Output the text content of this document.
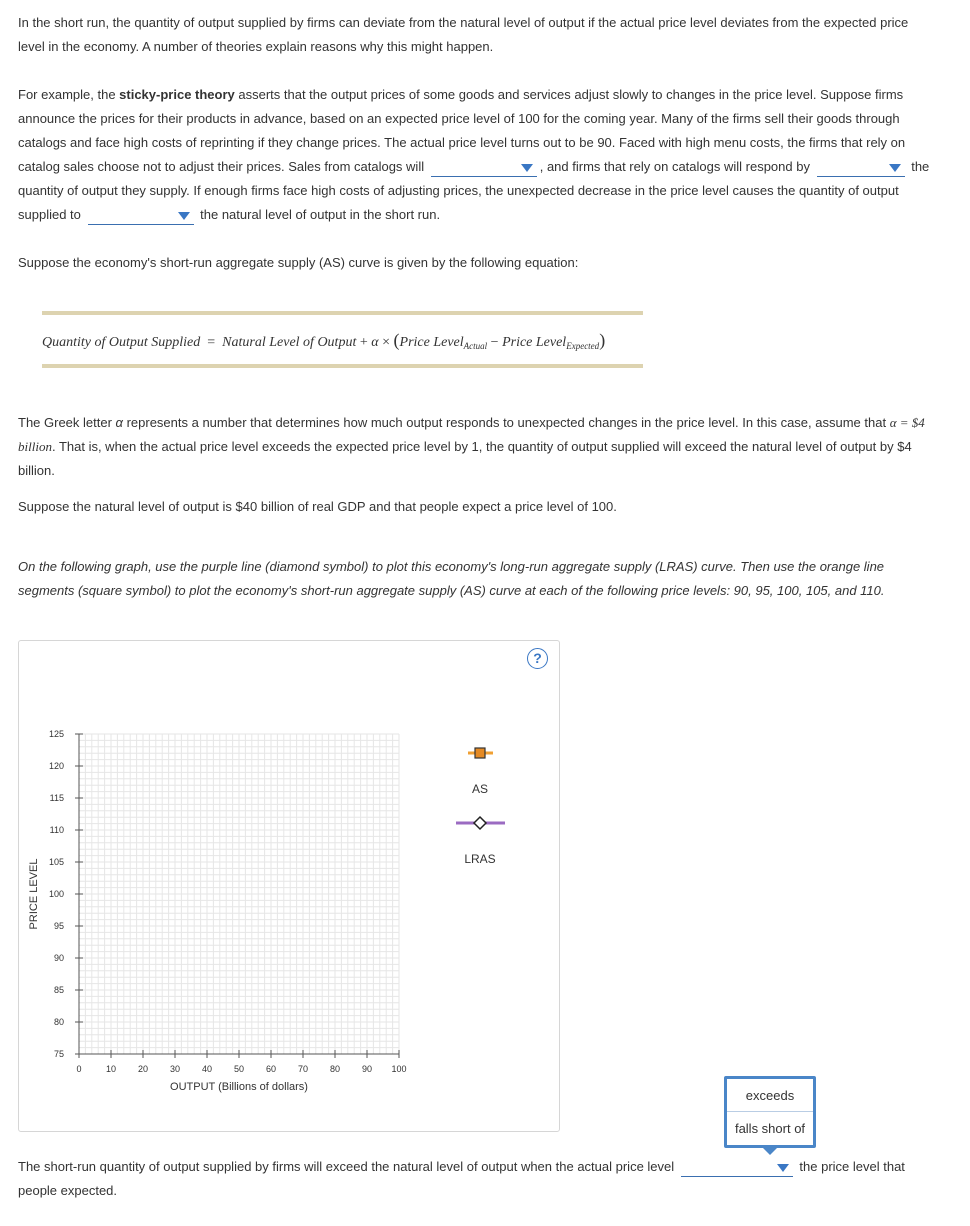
In the short run, the quantity of output supplied by firms can deviate from the natural level of output if the actual price level deviates from the expected price level in the economy. A number of theories explain reasons why this might happen.

For example, the sticky-price theory asserts that the output prices of some goods and services adjust slowly to changes in the price level. Suppose firms announce the prices for their products in advance, based on an expected price level of 100 for the coming year. Many of the firms sell their goods through catalogs and face high costs of reprinting if they change prices. The actual price level turns out to be 90. Faced with high menu costs, the firms that rely on catalog sales choose not to adjust their prices. Sales from catalogs will	, and firms that rely on catalogs will respond by	the quantity of output they supply. If enough firms face high costs of adjusting prices, the unexpected decrease in the price level causes the quantity of output supplied to	the natural level of output in the short run.

Suppose the economy's short-run aggregate supply (AS) curve is given by the following equation:

Quantity of Output Supplied = Natural Level of Output + α × (Price Level$_{Actual}$ − Price Level$_{Expected}$)

The Greek letter α represents a number that determines how much output responds to unexpected changes in the price level. In this case, assume that α = $4 billion. That is, when the actual price level exceeds the expected price level by 1, the quantity of output supplied will exceed the natural level of output by $4 billion.

Suppose the natural level of output is $40 billion of real GDP and that people expect a price level of 100.

On the following graph, use the purple line (diamond symbol) to plot this economy's long-run aggregate supply (LRAS) curve. Then use the orange line segments (square symbol) to plot the economy's short-run aggregate supply (AS) curve at each of the following price levels: 90, 95, 100, 105, and 110.

?
0	10 20 30 40 50 60 70 80 90 100
75
80
85
90
95
100
105
110
115
120
125
OUTPUT (Billions of dollars)
PRICE LEVEL
AS
LRAS
exceeds
falls short of

The short-run quantity of output supplied by firms will exceed the natural level of output when the actual price level	the price level that people expected.
